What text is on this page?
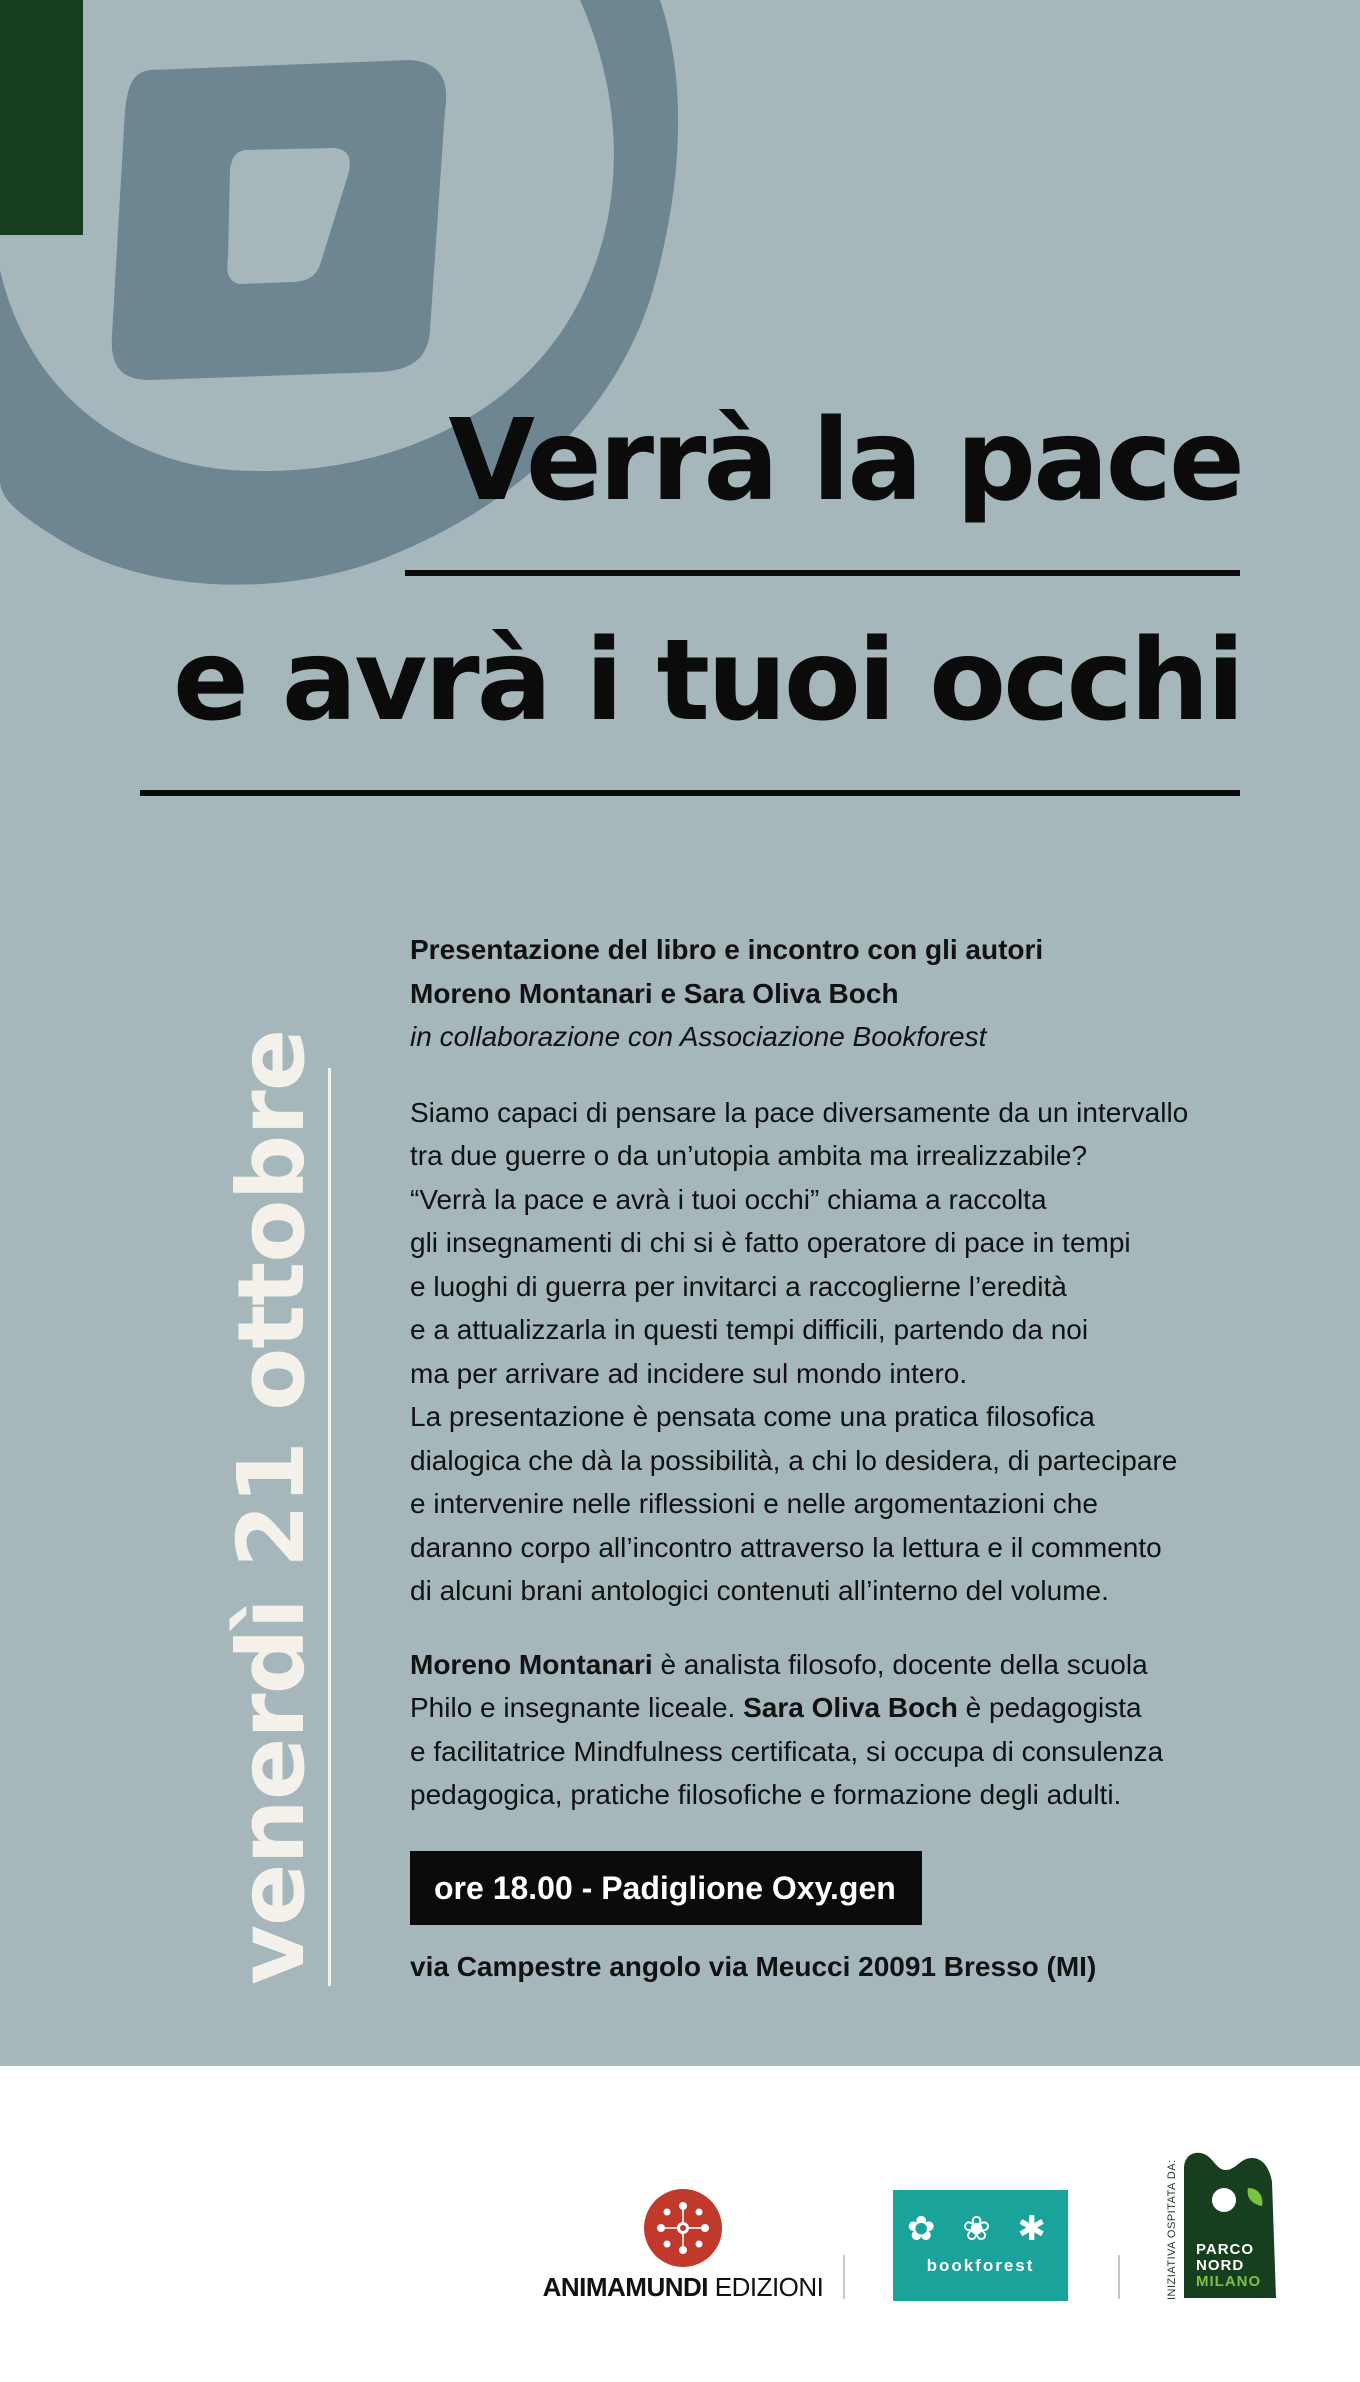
Verrà la pace
e avrà i tuoi occhi
venerdì 21 ottobre

Presentazione del libro e incontro con gli autori

Moreno Montanari e Sara Oliva Boch

in collaborazione con Associazione Bookforest

Siamo capaci di pensare la pace diversamente da un intervallo

tra due guerre o da un’utopia ambita ma irrealizzabile?

“Verrà la pace e avrà i tuoi occhi” chiama a raccolta

gli insegnamenti di chi si è fatto operatore di pace in tempi

e luoghi di guerra per invitarci a raccoglierne l’eredità

e a attualizzarla in questi tempi difficili, partendo da noi

ma per arrivare ad incidere sul mondo intero.

La presentazione è pensata come una pratica filosofica

dialogica che dà la possibilità, a chi lo desidera, di partecipare

e intervenire nelle riflessioni e nelle argomentazioni che

daranno corpo all’incontro attraverso la lettura e il commento

di alcuni brani antologici contenuti all’interno del volume.

Moreno Montanari è analista filosofo, docente della scuola

Philo e insegnante liceale. Sara Oliva Boch è pedagogista

e facilitatrice Mindfulness certificata, si occupa di consulenza

pedagogica, pratiche filosofiche e formazione degli adulti.

ore 18.00 - Padiglione Oxy.gen

via Campestre angolo via Meucci 20091 Bresso (MI)

ANIMAMUNDI EDIZIONI
✿ ❀ ✱
bookforest	INIZIATIVA OSPITATA DA: PARCO
NORD
MILANO
